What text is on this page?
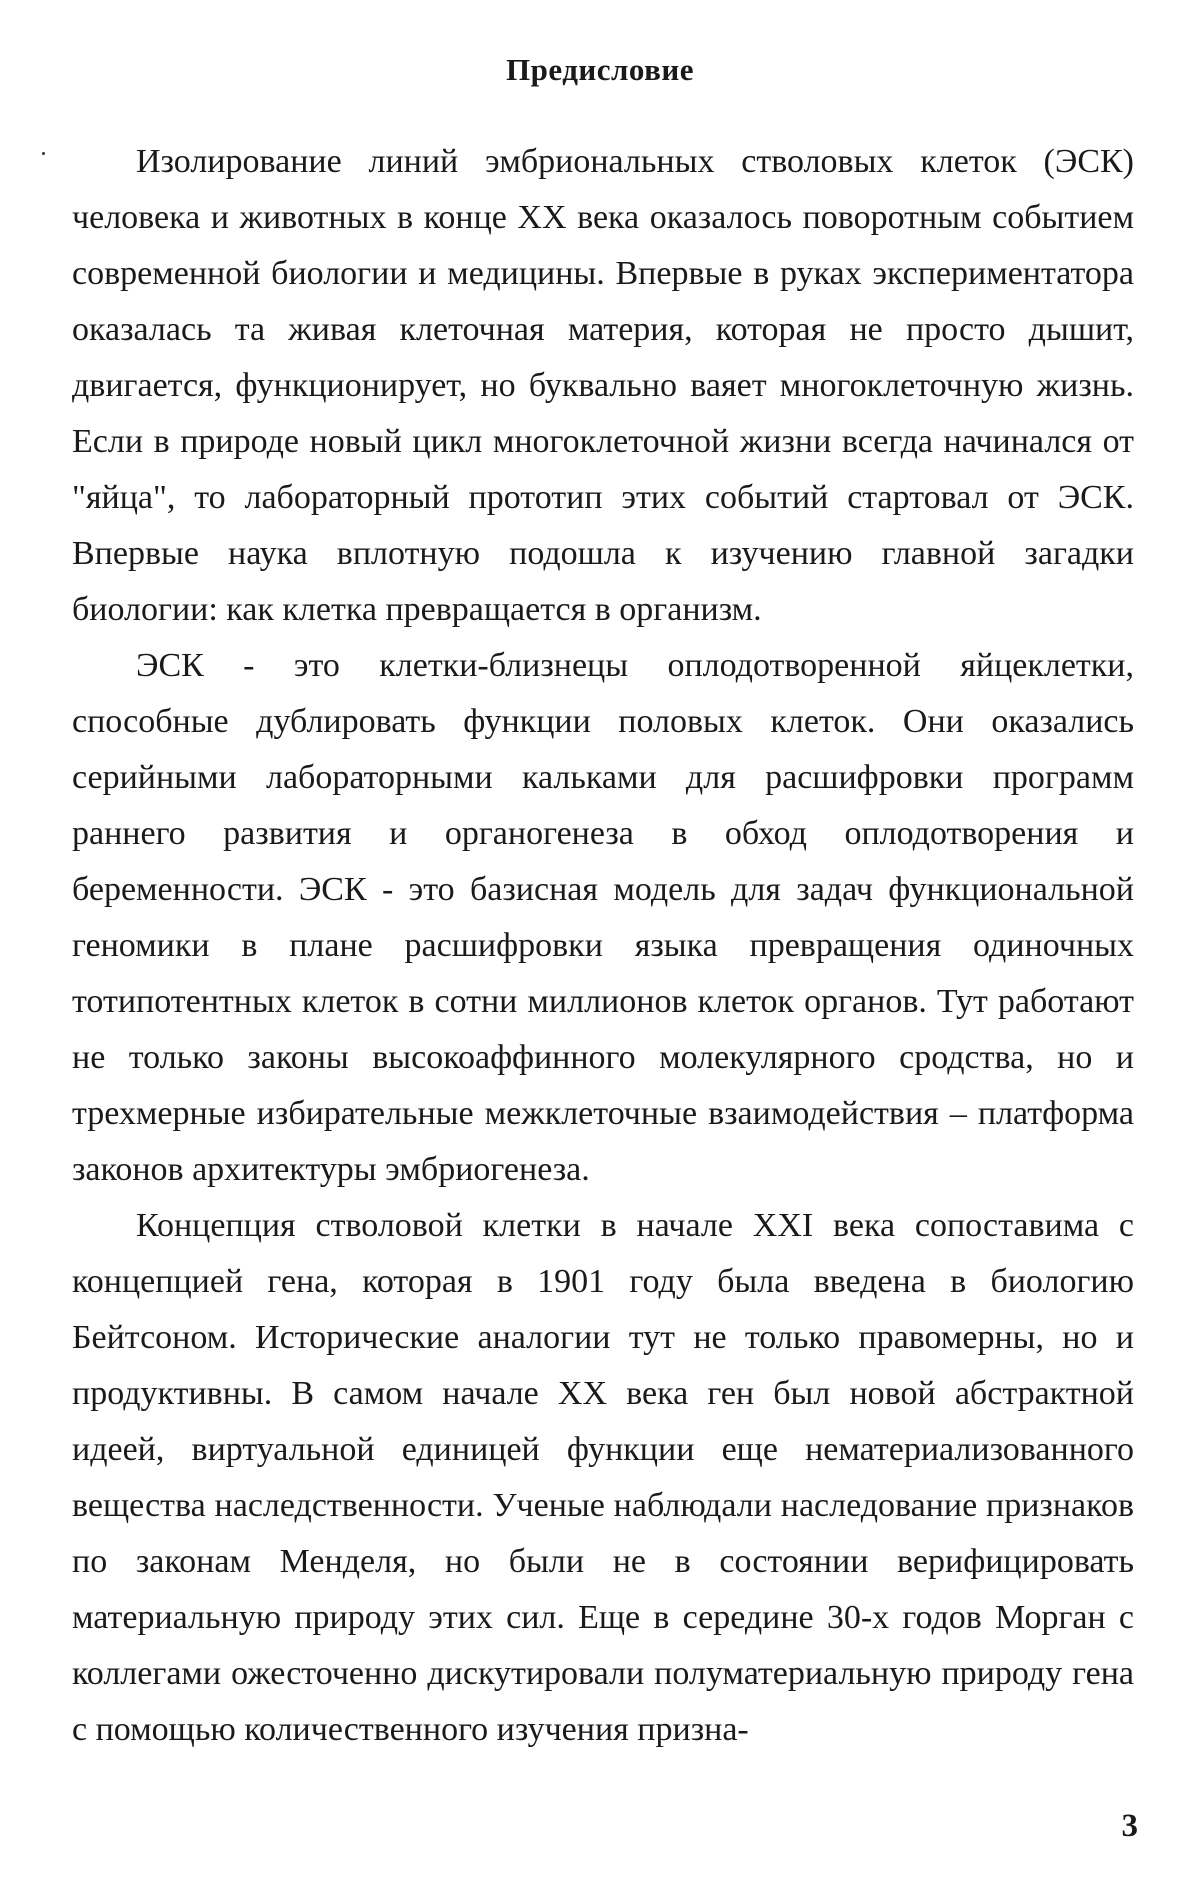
Предисловие

Изолирование линий эмбриональных стволовых клеток (ЭСК) человека и животных в конце XX века оказалось поворотным событием современной биологии и медицины. Впервые в руках экспериментатора оказалась та живая клеточная материя, которая не просто дышит, двигается, функционирует, но буквально ваяет многоклеточную жизнь. Если в природе новый цикл многоклеточной жизни всегда начинался от "яйца", то лабораторный прототип этих событий стартовал от ЭСК. Впервые наука вплотную подошла к изучению главной загадки биологии: как клетка превращается в организм.

ЭСК - это клетки-близнецы оплодотворенной яйцеклетки, способные дублировать функции половых клеток. Они оказались серийными лабораторными кальками для расшифровки программ раннего развития и органогенеза в обход оплодотворения и беременности. ЭСК - это базисная модель для задач функциональной геномики в плане расшифровки языка превращения одиночных тотипотентных клеток в сотни миллионов клеток органов. Тут работают не только законы высокоаффинного молекулярного сродства, но и трехмерные избирательные межклеточные взаимодействия – платформа законов архитектуры эмбриогенеза.

Концепция стволовой клетки в начале XXI века сопоставима с концепцией гена, которая в 1901 году была введена в биологию Бейтсоном. Исторические аналогии тут не только правомерны, но и продуктивны. В самом начале XX века ген был новой абстрактной идеей, виртуальной единицей функции еще нематериализованного вещества наследственности. Ученые наблюдали наследование признаков по законам Менделя, но были не в состоянии верифицировать материальную природу этих сил. Еще в середине 30-х годов Морган с коллегами ожесточенно дискутировали полуматериальную природу гена с помощью количественного изучения призна-

3
